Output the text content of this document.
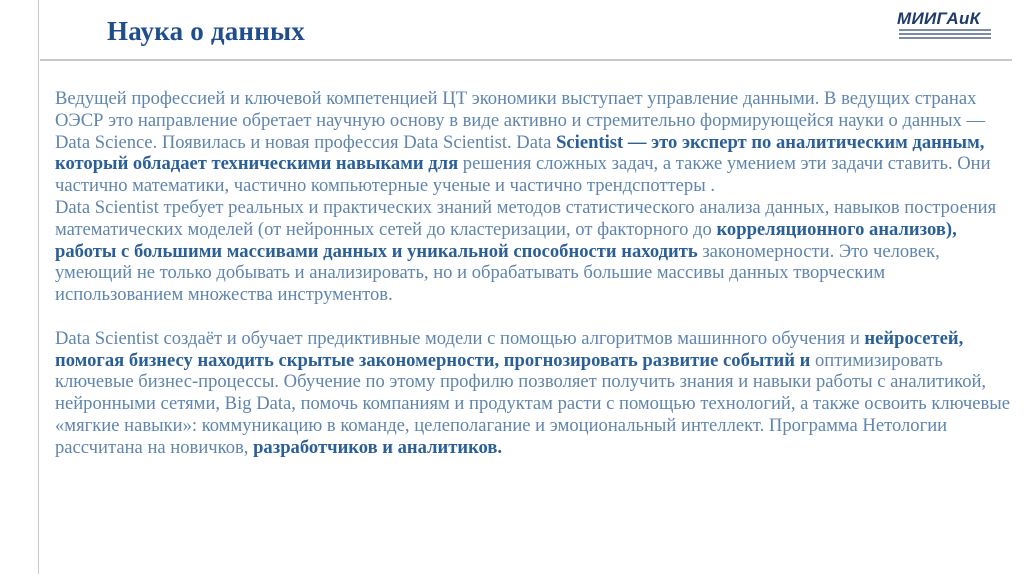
Наука о данных	МИИГАиК

Ведущей профессией и ключевой компетенцией ЦТ экономики выступает управление данными. В ведущих странах ОЭСР это направление обретает научную основу в виде активно и стремительно формирующейся науки о данных — Data Science. Появилась и новая профессия Data Scientist. Data Scientist — это эксперт по аналитическим данным, который обладает техническими навыками для решения сложных задач, а также умением эти задачи ставить. Они частично математики, частично компьютерные ученые и частично трендспоттеры .

Data Scientist требует реальных и практических знаний методов статистического анализа данных, навыков построения математических моделей (от нейронных сетей до кластеризации, от факторного до корреляционного анализов), работы с большими массивами данных и уникальной способности находить закономерности. Это человек, умеющий не только добывать и анализировать, но и обрабатывать большие массивы данных творческим использованием множества инструментов.

Data Scientist создаёт и обучает предиктивные модели с помощью алгоритмов машинного обучения и нейросетей, помогая бизнесу находить скрытые закономерности, прогнозировать развитие событий и оптимизировать ключевые бизнес-процессы. Обучение по этому профилю позволяет получить знания и навыки работы с аналитикой, нейронными сетями, Big Data, помочь компаниям и продуктам расти с помощью технологий, а также освоить ключевые «мягкие навыки»: коммуникацию в команде, целеполагание и эмоциональный интеллект. Программа Нетологии рассчитана на новичков, разработчиков и аналитиков.
